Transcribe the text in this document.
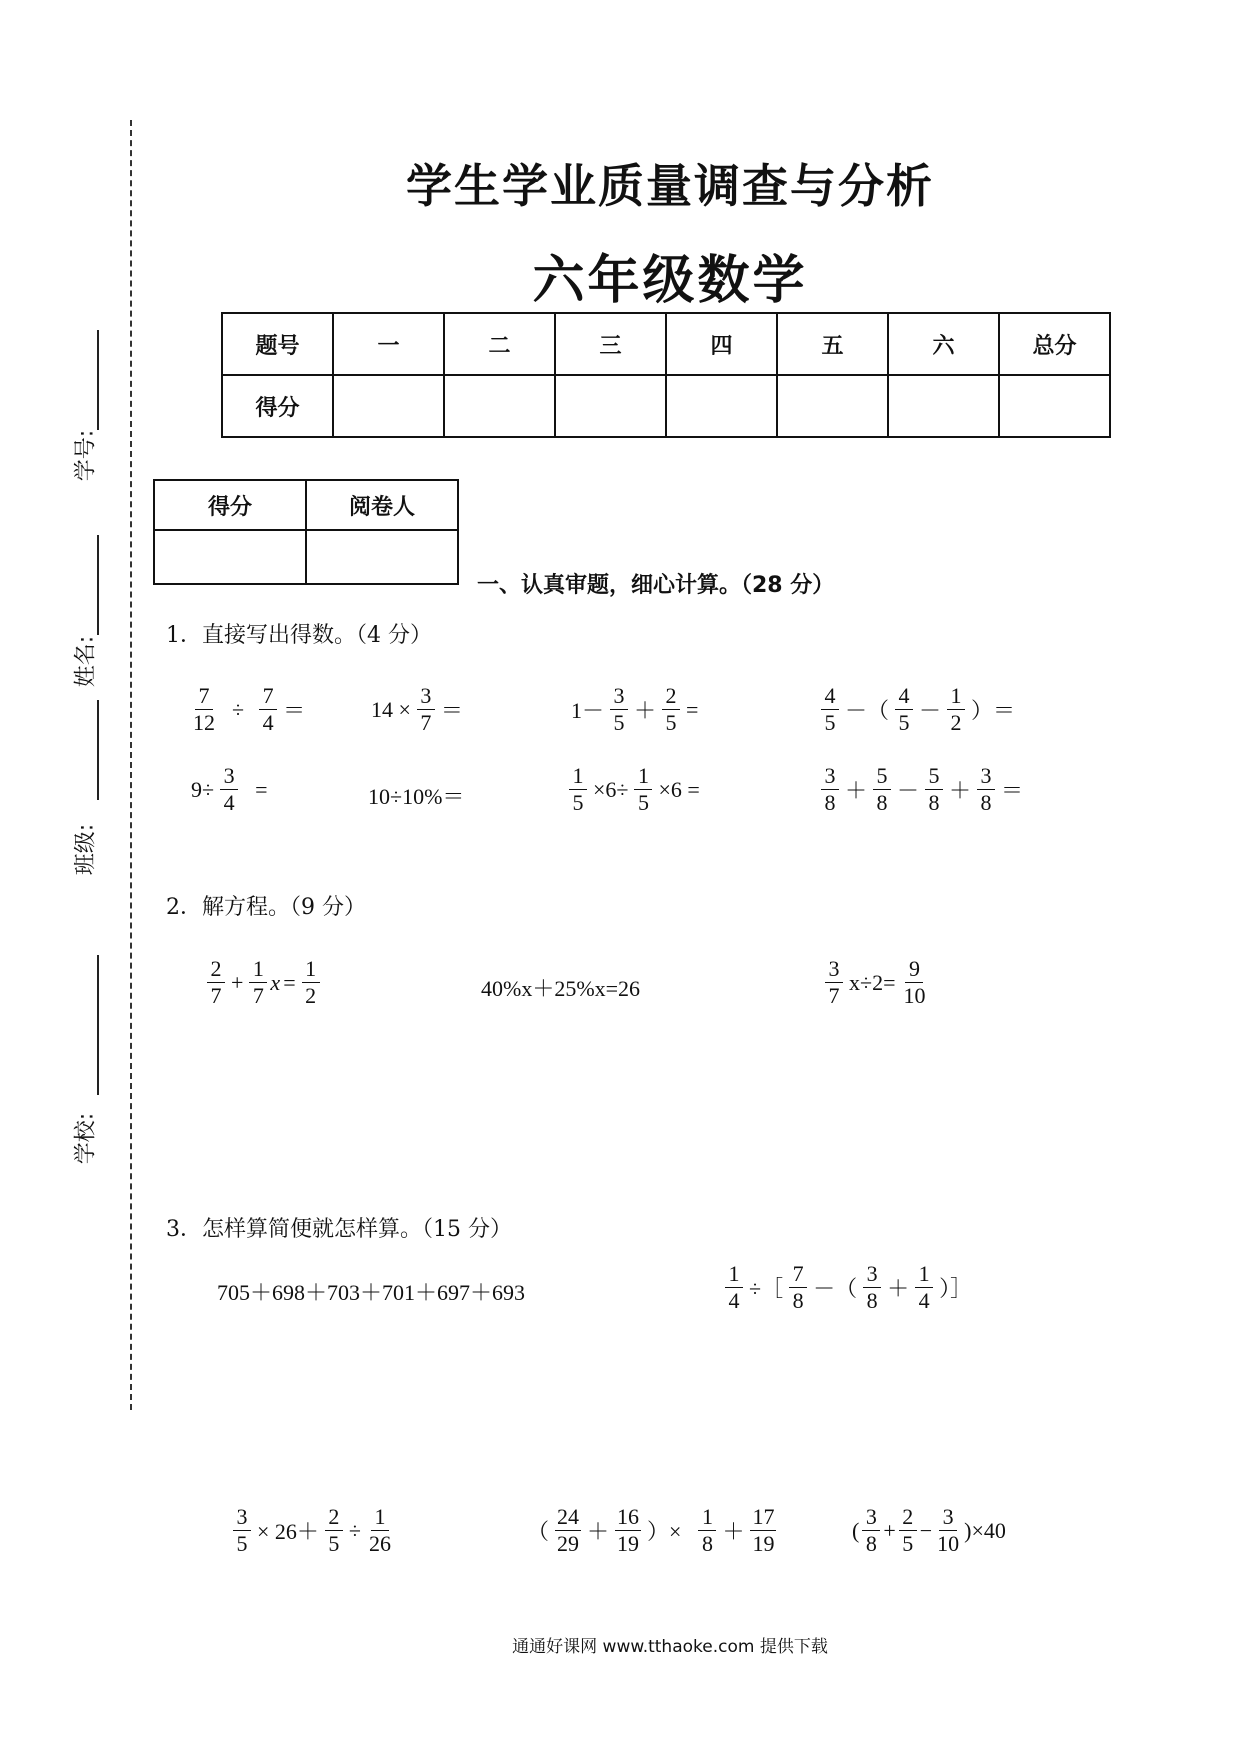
学号:
姓名:
班级:
学校:
学生学业质量调查与分析
六年级数学
题号	一	二	三	四	五	六	总分
得分							
得分	阅卷人

一、认真审题，细心计算。（28 分）
1．直接写出得数。（4 分）
$\frac{7}{12} \div \frac{7}{4}$ ＝	$14 \times \frac{3}{7}$ ＝	$1- \frac{3}{5} + \frac{2}{5}$ =	$\frac{4}{5}$ －（ $\frac{4}{5} - \frac{1}{2}$ ）＝
$9\div \frac{3}{4}$ =	10÷10%＝	$\frac{1}{5} \times 6\div \frac{1}{5} \times 6$ =	$\frac{3}{8} + \frac{5}{8} - \frac{5}{8} + \frac{3}{8}$ ＝
2．解方程。（9 分）
$\frac{2}{7} + \frac{1}{7}$ $x = \frac{1}{2}$	40%x＋25%x=26	$\frac{3}{7} x\div 2= \frac{9}{10}$
3．怎样算简便就怎样算。（15 分）
705＋698＋703＋701＋697＋693	$\frac{1}{4}$ ÷［ $\frac{7}{8}$ －（ $\frac{3}{8} + \frac{1}{4}$ ）］
$\frac{3}{5} \times 26+ \frac{2}{5} \div \frac{1}{26}$	（ $\frac{24}{29} + \frac{16}{19}$ ）× $\frac{1}{8} + \frac{17}{19}$	( $\frac{3}{8} + \frac{2}{5} - \frac{3}{10} )\times 40$
通通好课网 www.tthaoke.com 提供下载
